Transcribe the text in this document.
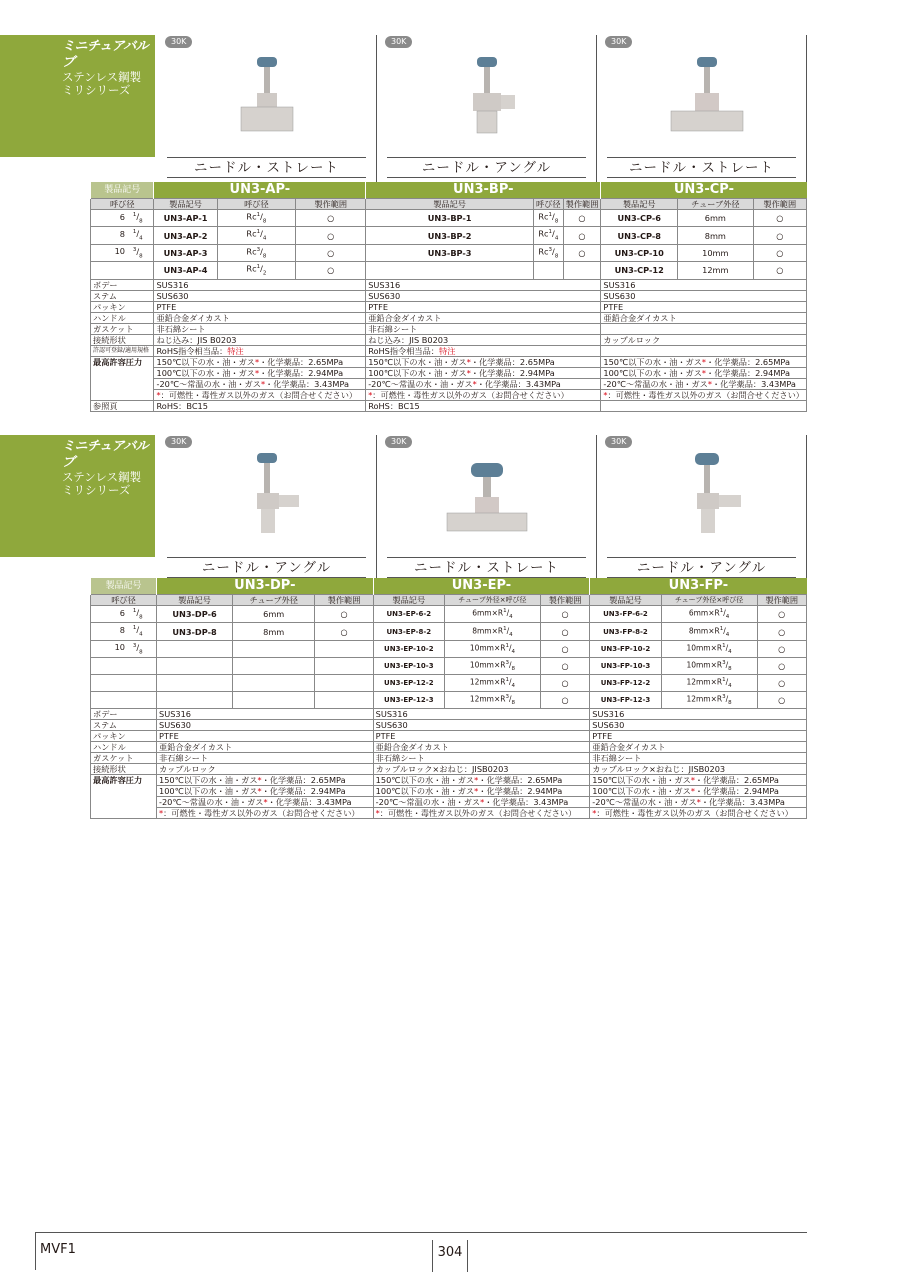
ミニチュアバルブ
ステンレス鋼製
ミリシリーズ
30K
ニードル・ストレート
30K
ニードル・アングル
30K
ニードル・ストレート
製品記号	UN3-AP-			UN3-BP-			UN3-CP-		
呼び径	製品記号	呼び径	製作範囲	製品記号	呼び径	製作範囲	製品記号	チューブ外径	製作範囲
6 $^1/_8$	UN3-AP-1	$Rc^1/_8$	○	UN3-BP-1	$Rc^1/_8$	○	UN3-CP-6	6mm	○
8 $^1/_4$	UN3-AP-2	$Rc^1/_4$	○	UN3-BP-2	$Rc^1/_4$	○	UN3-CP-8	8mm	○
10 $^3/_8$	UN3-AP-3	$Rc^3/_8$	○	UN3-BP-3	$Rc^3/_8$	○	UN3-CP-10	10mm	○
	UN3-AP-4	$Rc^1/_2$	○				UN3-CP-12	12mm	○
ボデー	SUS316			SUS316			SUS316		
ステム	SUS630			SUS630			SUS630		
パッキン	PTFE			PTFE			PTFE		
ハンドル	亜鉛合金ダイカスト			亜鉛合金ダイカスト			亜鉛合金ダイカスト		
ガスケット	非石綿シート			非石綿シート					
接続形状	ねじ込み：JIS B0203			ねじ込み：JIS B0203			カップルロック		
許認可登録/適用規格	RoHS指令相当品：特注			RoHS指令相当品：特注					
最高許容圧力	150℃以下の水・油・ガス*・化学薬品：2.65MPa			150℃以下の水・油・ガス*・化学薬品：2.65MPa			150℃以下の水・油・ガス*・化学薬品：2.65MPa		
	100℃以下の水・油・ガス*・化学薬品：2.94MPa			100℃以下の水・油・ガス*・化学薬品：2.94MPa			100℃以下の水・油・ガス*・化学薬品：2.94MPa		
	-20℃～常温の水・油・ガス*・化学薬品：3.43MPa			-20℃～常温の水・油・ガス*・化学薬品：3.43MPa			-20℃～常温の水・油・ガス*・化学薬品：3.43MPa		
	*：可燃性・毒性ガス以外のガス（お問合せください）			*：可燃性・毒性ガス以外のガス（お問合せください）			*：可燃性・毒性ガス以外のガス（お問合せください）		
参照頁	RoHS：BC15			RoHS：BC15					
ミニチュアバルブ
ステンレス鋼製
ミリシリーズ
30K
ニードル・アングル
30K
ニードル・ストレート
30K
ニードル・アングル
製品記号	UN3-DP-			UN3-EP-			UN3-FP-		
呼び径	製品記号	チューブ外径	製作範囲	製品記号	チューブ外径×呼び径	製作範囲	製品記号	チューブ外径×呼び径	製作範囲
6 $^1/_8$	UN3-DP-6	6mm	○	UN3-EP-6-2	$6mm\times R^1/_4$	○	UN3-FP-6-2	$6mm\times R^1/_4$	○
8 $^1/_4$	UN3-DP-8	8mm	○	UN3-EP-8-2	$8mm\times R^1/_4$	○	UN3-FP-8-2	$8mm\times R^1/_4$	○
10 $^3/_8$				UN3-EP-10-2	$10mm\times R^1/_4$	○	UN3-FP-10-2	$10mm\times R^1/_4$	○
				UN3-EP-10-3	$10mm\times R^3/_8$	○	UN3-FP-10-3	$10mm\times R^3/_8$	○
				UN3-EP-12-2	$12mm\times R^1/_4$	○	UN3-FP-12-2	$12mm\times R^1/_4$	○
				UN3-EP-12-3	$12mm\times R^3/_8$	○	UN3-FP-12-3	$12mm\times R^3/_8$	○
ボデー	SUS316			SUS316			SUS316		
ステム	SUS630			SUS630			SUS630		
パッキン	PTFE			PTFE			PTFE		
ハンドル	亜鉛合金ダイカスト			亜鉛合金ダイカスト			亜鉛合金ダイカスト		
ガスケット	非石綿シート			非石綿シート			非石綿シート		
接続形状	カップルロック			カップルロック×おねじ：JISB0203			カップルロック×おねじ：JISB0203		
最高許容圧力	150℃以下の水・油・ガス*・化学薬品：2.65MPa			150℃以下の水・油・ガス*・化学薬品：2.65MPa			150℃以下の水・油・ガス*・化学薬品：2.65MPa		
	100℃以下の水・油・ガス*・化学薬品：2.94MPa			100℃以下の水・油・ガス*・化学薬品：2.94MPa			100℃以下の水・油・ガス*・化学薬品：2.94MPa		
	-20℃～常温の水・油・ガス*・化学薬品：3.43MPa			-20℃～常温の水・油・ガス*・化学薬品：3.43MPa			-20℃～常温の水・油・ガス*・化学薬品：3.43MPa		
	*：可燃性・毒性ガス以外のガス（お問合せください）			*：可燃性・毒性ガス以外のガス（お問合せください）			*：可燃性・毒性ガス以外のガス（お問合せください）		
MVF1	304
